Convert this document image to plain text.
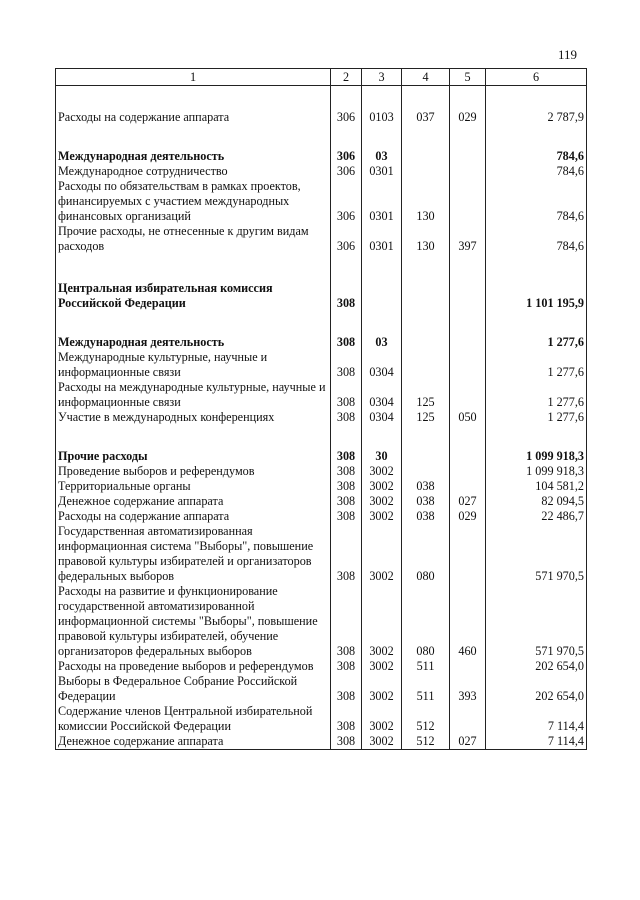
119
1	2	3	4	5	6

Расходы на содержание аппарата	306	0103	037	029	2 787,9

Международная деятельность	306	03			784,6
Международное сотрудничество	306	0301			784,6
Расходы по обязательствам в рамках проектов, финансируемых с участием международных финансовых организаций	306	0301	130		784,6
Прочие расходы, не отнесенные к другим видам расходов	306	0301	130	397	784,6

Центральная избирательная комиссия Российской Федерации	308				1 101 195,9

Международная деятельность	308	03			1 277,6
Международные культурные, научные и информационные связи	308	0304			1 277,6
Расходы на международные культурные, научные и информационные связи	308	0304	125		1 277,6
Участие в международных конференциях	308	0304	125	050	1 277,6

Прочие расходы	308	30			1 099 918,3
Проведение выборов и референдумов	308	3002			1 099 918,3
Территориальные органы	308	3002	038		104 581,2
Денежное содержание аппарата	308	3002	038	027	82 094,5
Расходы на содержание аппарата	308	3002	038	029	22 486,7
Государственная автоматизированная информационная система "Выборы", повышение правовой культуры избирателей и организаторов федеральных выборов	308	3002	080		571 970,5
Расходы на развитие и функционирование государственной автоматизированной информационной системы "Выборы", повышение правовой культуры избирателей, обучение организаторов федеральных выборов	308	3002	080	460	571 970,5
Расходы на проведение выборов и референдумов	308	3002	511		202 654,0
Выборы в Федеральное Собрание Российской Федерации	308	3002	511	393	202 654,0
Содержание членов Центральной избирательной комиссии Российской Федерации	308	3002	512		7 114,4
Денежное содержание аппарата	308	3002	512	027	7 114,4
